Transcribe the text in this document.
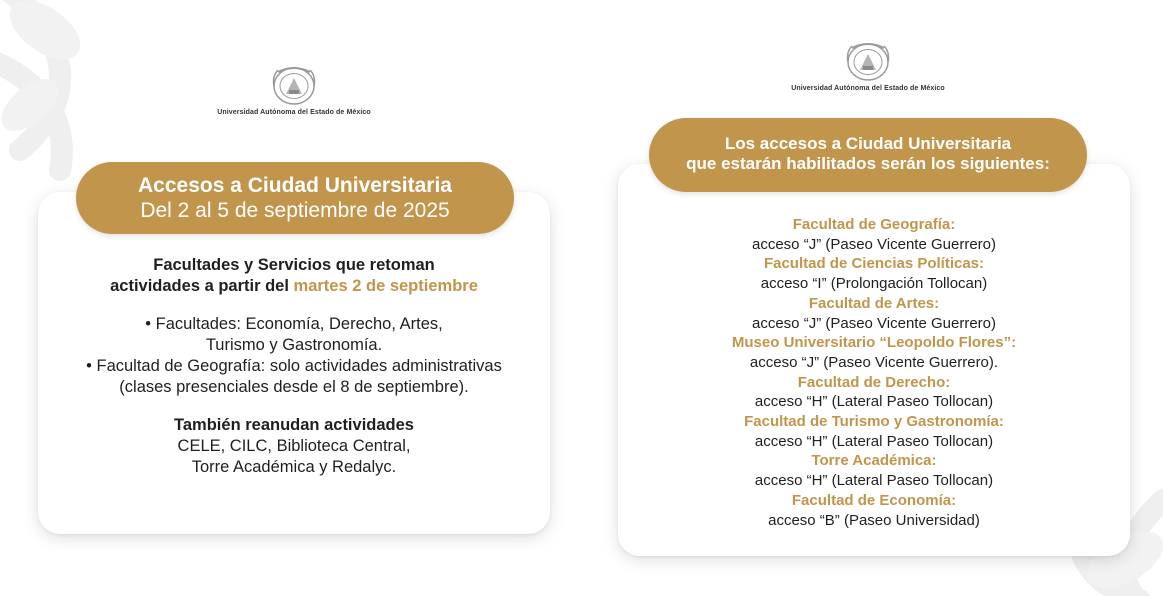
Universidad Autónoma del Estado de México
Universidad Autónoma del Estado de México
Accesos a Ciudad Universitaria
Del 2 al 5 de septiembre de 2025
Facultades y Servicios que retoman
actividades a partir del martes 2 de septiembre
• Facultades: Economía, Derecho, Artes,
Turismo y Gastronomía.
• Facultad de Geografía: solo actividades administrativas
(clases presenciales desde el 8 de septiembre).
También reanudan actividades
CELE, CILC, Biblioteca Central,
Torre Académica y Redalyc.
Los accesos a Ciudad Universitaria
que estarán habilitados serán los siguientes:
Facultad de Geografía:
acceso “J” (Paseo Vicente Guerrero)
Facultad de Ciencias Políticas:
acceso “I” (Prolongación Tollocan)
Facultad de Artes:
acceso “J” (Paseo Vicente Guerrero)
Museo Universitario “Leopoldo Flores”:
acceso “J” (Paseo Vicente Guerrero).
Facultad de Derecho:
acceso “H” (Lateral Paseo Tollocan)
Facultad de Turismo y Gastronomía:
acceso “H” (Lateral Paseo Tollocan)
Torre Académica:
acceso “H” (Lateral Paseo Tollocan)
Facultad de Economía:
acceso “B” (Paseo Universidad)
